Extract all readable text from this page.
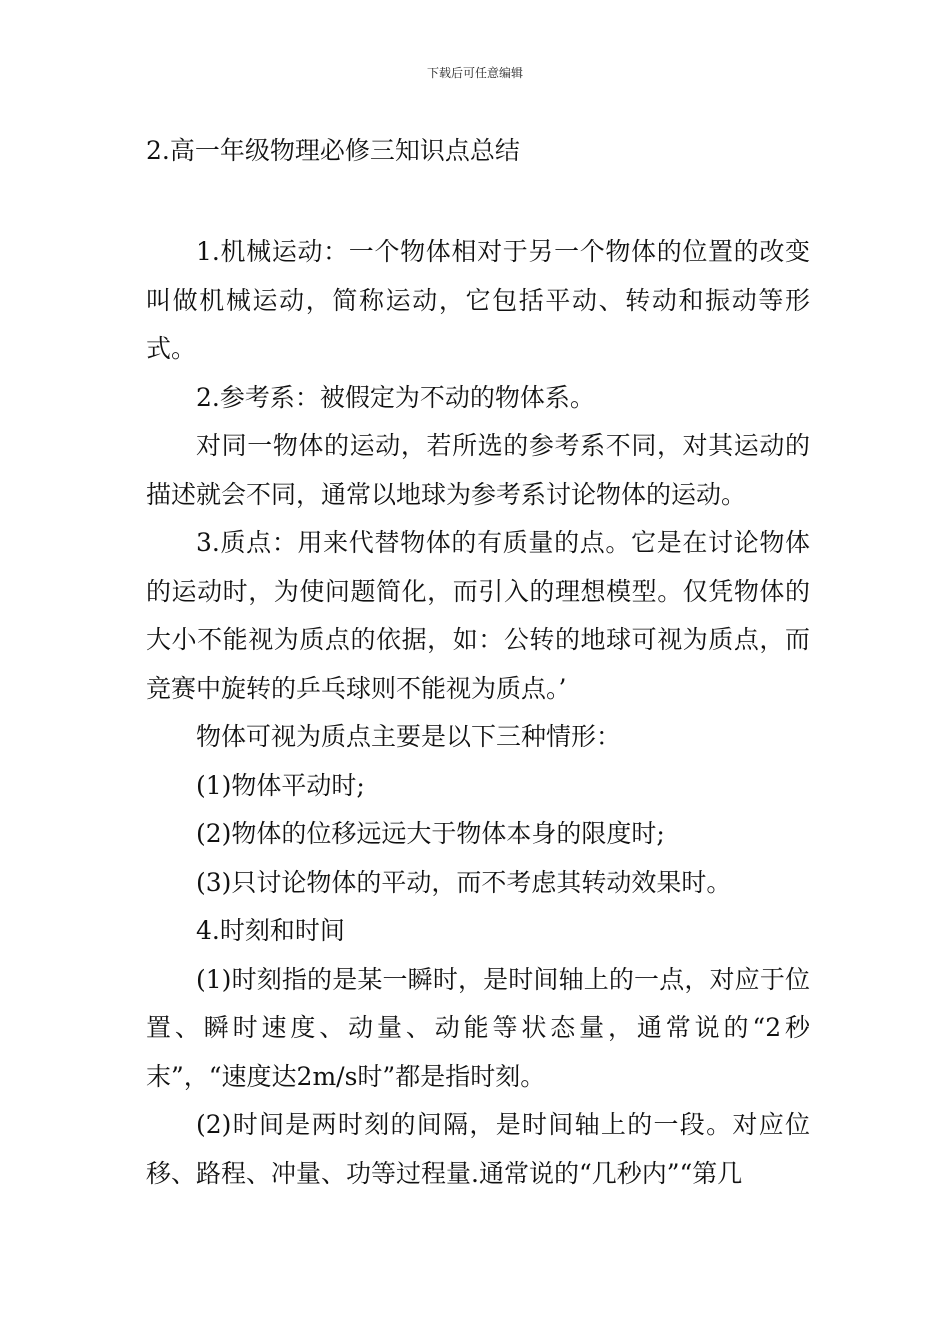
下载后可任意编辑
2.高一年级物理必修三知识点总结

1.机械运动：一个物体相对于另一个物体的位置的改变叫做机械运动，简称运动，它包括平动、转动和振动等形式。

2.参考系：被假定为不动的物体系。

对同一物体的运动，若所选的参考系不同，对其运动的描述就会不同，通常以地球为参考系讨论物体的运动。

3.质点：用来代替物体的有质量的点。它是在讨论物体的运动时，为使问题简化，而引入的理想模型。仅凭物体的大小不能视为质点的依据，如：公转的地球可视为质点，而竞赛中旋转的乒乓球则不能视为质点。’

物体可视为质点主要是以下三种情形：

(1)物体平动时;

(2)物体的位移远远大于物体本身的限度时;

(3)只讨论物体的平动，而不考虑其转动效果时。

4.时刻和时间

(1)时刻指的是某一瞬时，是时间轴上的一点，对应于位置、瞬时速度、动量、动能等状态量，通常说的“2秒末”，“速度达2m/s时”都是指时刻。

(2)时间是两时刻的间隔，是时间轴上的一段。对应位移、路程、冲量、功等过程量.通常说的“几秒内”“第几
